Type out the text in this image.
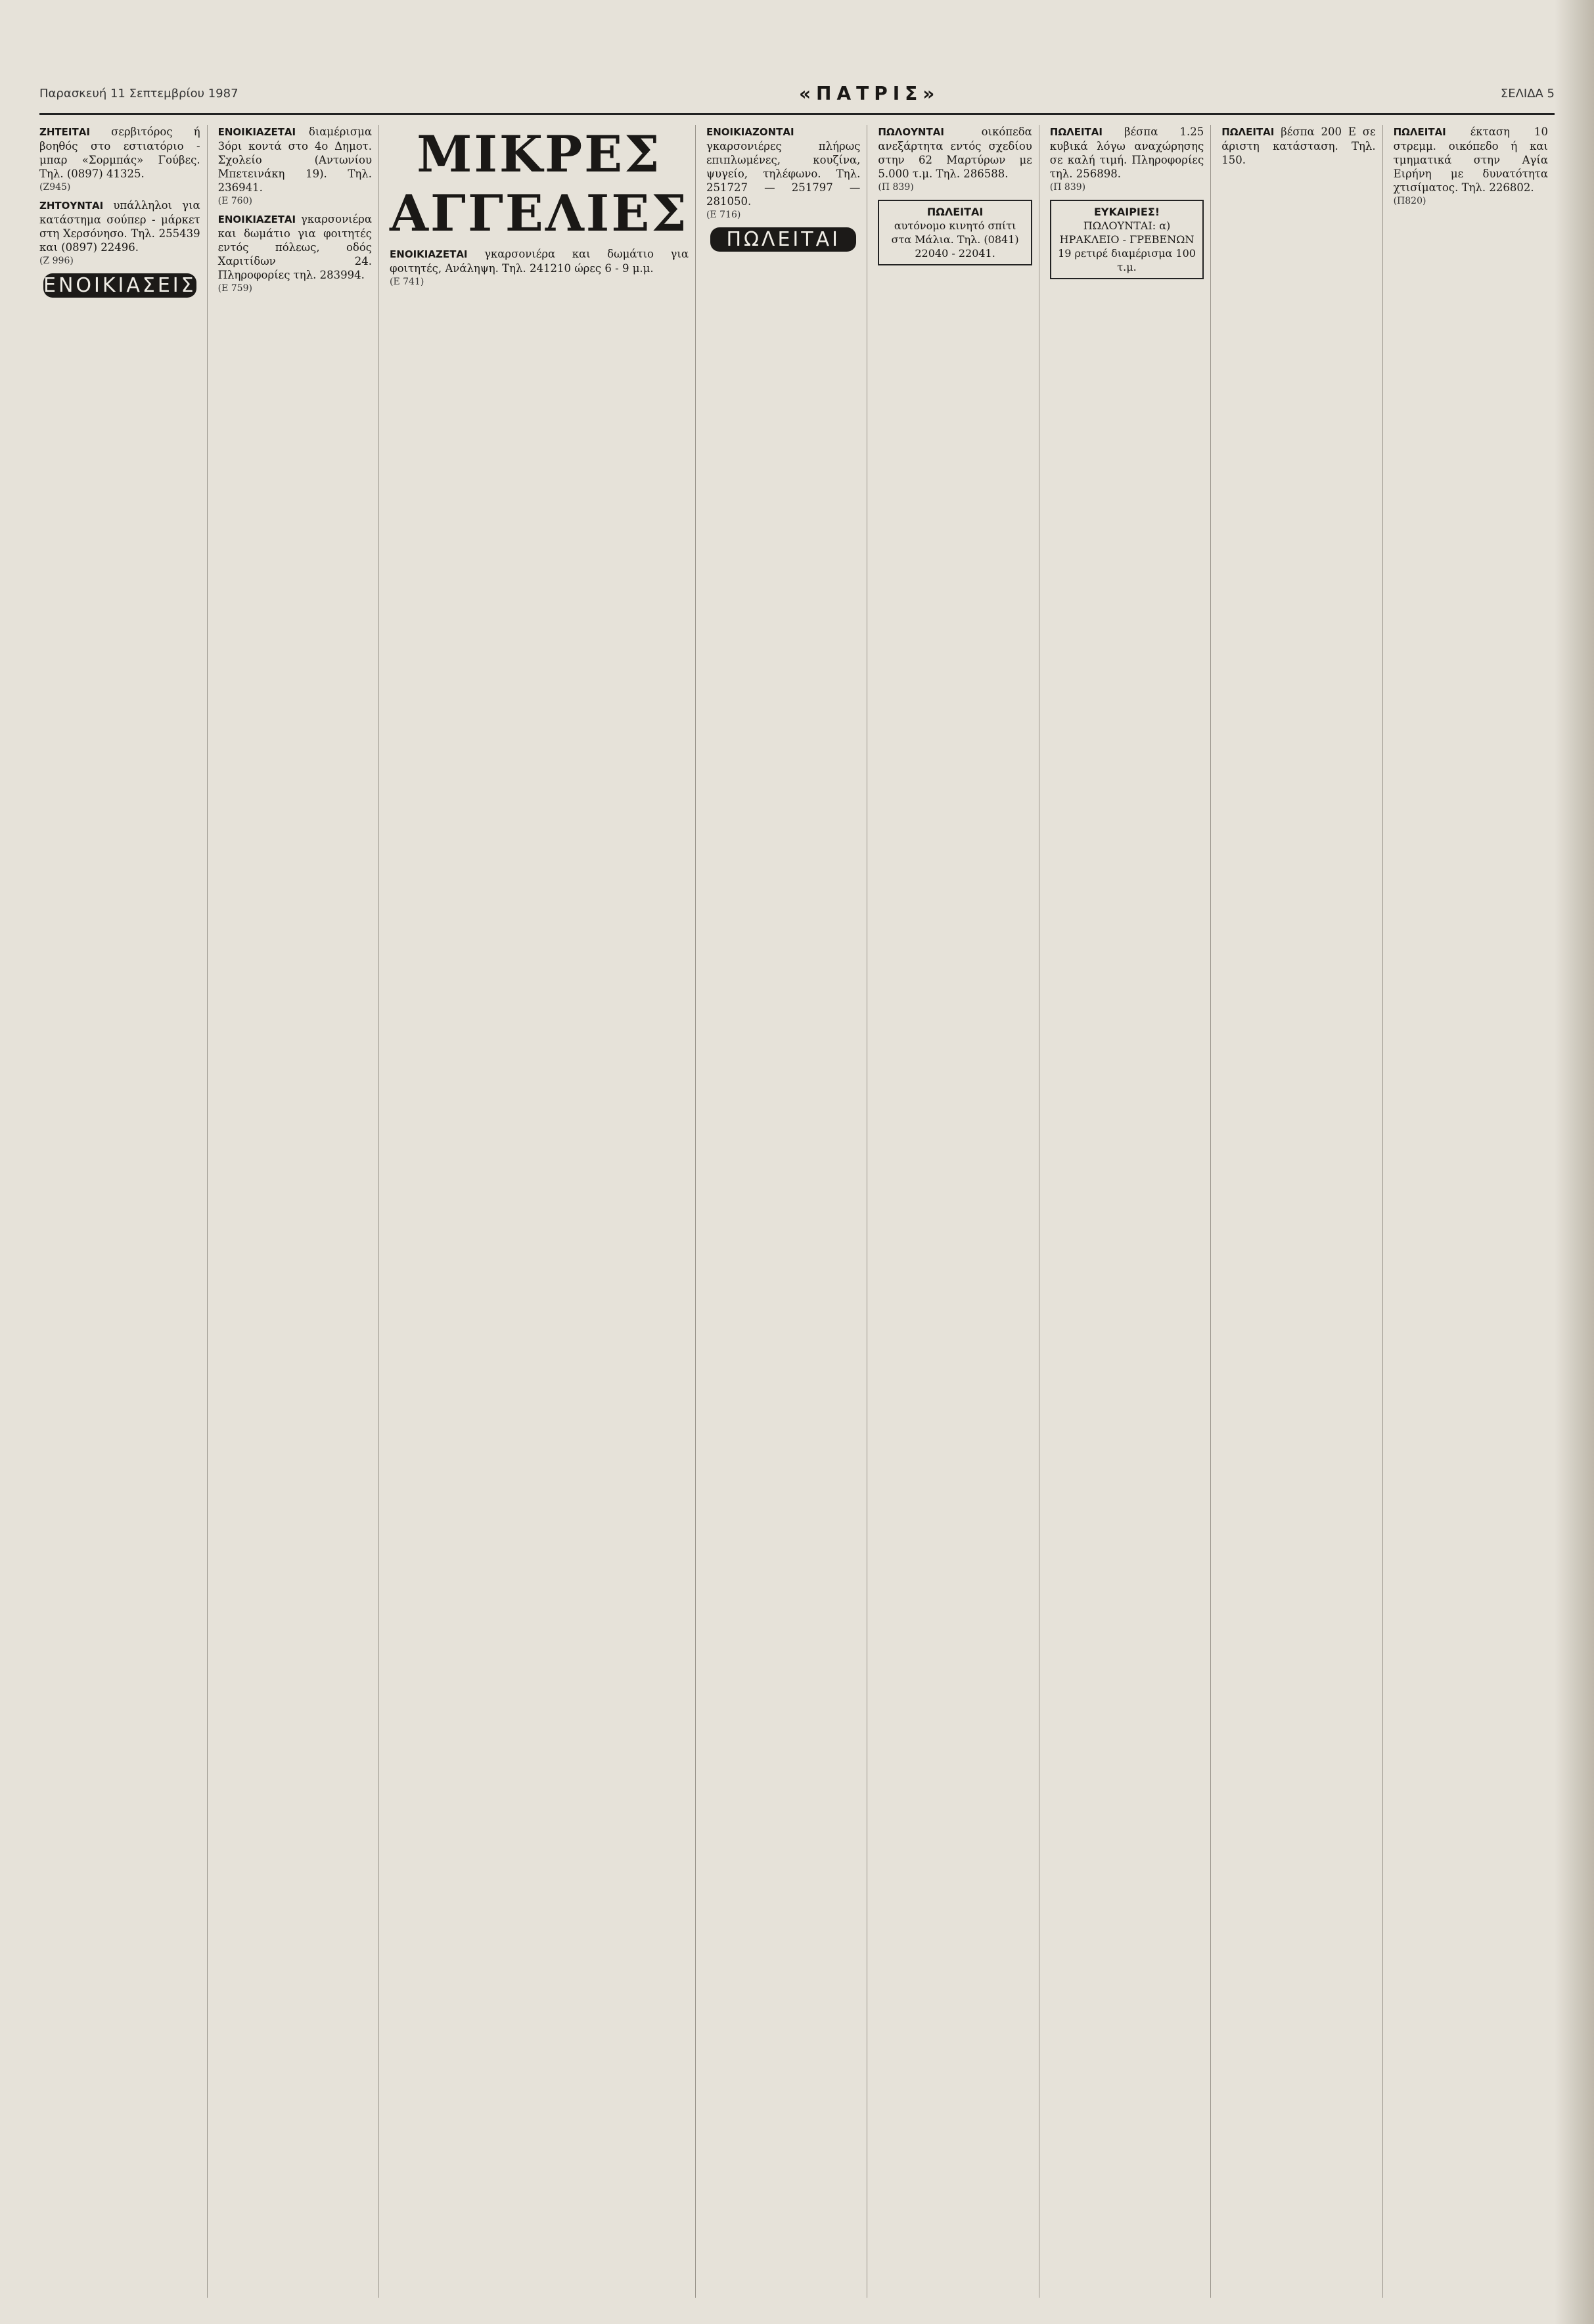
Παρασκευή 11 Σεπτεμβρίου 1987	«ΠΑΤΡΙΣ»	ΣΕΛΙΔΑ 5
ΖΗΤΕΙΤΑΙ σερβιτόρος ή βοηθός στο εστιατόριο - μπαρ «Σορμπάς» Γούβες. Τηλ. (0897) 41325.
(Ζ945)
ΖΗΤΟΥΝΤΑΙ υπάλληλοι για κατάστημα σούπερ - μάρκετ στη Χερσόνησο. Τηλ. 255439 και (0897) 22496.
(Ζ 996)
ΕΝΟΙΚΙΑΣΕΙΣ
ΕΝΟΙΚΙΑΖΕΤΑΙ διαμέρισμα 3όρι κοντά στο 4ο Δημοτ. Σχολείο (Αντωνίου Μπετεινάκη 19). Τηλ. 236941.
(Ε 760)
ΕΝΟΙΚΙΑΖΕΤΑΙ γκαρσονιέρα και δωμάτιο για φοιτητές εντός πόλεως, οδός Χαριτίδων 24. Πληροφορίες τηλ. 283994.
(Ε 759)
ΜΙΚΡΕΣ ΑΓΓΕΛΙΕΣ
ΕΝΟΙΚΙΑΖΕΤΑΙ γκαρσονιέρα και δωμάτιο για φοιτητές, Ανάληψη. Τηλ. 241210 ώρες 6 - 9 μ.μ.
(Ε 741)
ΕΝΟΙΚΙΑΖΟΝΤΑΙ γκαρσονιέρες πλήρως επιπλωμένες, κουζίνα, ψυγείο, τηλέφωνο. Τηλ. 251727 — 251797 — 281050.
(Ε 716)
ΠΩΛΕΙΤΑΙ
ΠΩΛΟΥΝΤΑΙ	οικόπεδα ανεξάρτητα εντός σχεδίου στην 62 Μαρτύρων με 5.000 τ.μ. Τηλ. 286588.
(Π 839)
ΠΩΛΕΙΤΑΙ
αυτόνομο κινητό σπίτι στα Μάλια. Τηλ. (0841) 22040 - 22041.
ΠΩΛΕΙΤΑΙ βέσπα 1.25 κυβικά λόγω αναχώρησης σε καλή τιμή. Πληροφορίες τηλ. 256898.
(Π 839)
ΕΥΚΑΙΡΙΕΣ!
ΠΩΛΟΥΝΤΑΙ: α) ΗΡΑΚΛΕΙΟ - ΓΡΕΒΕΝΩΝ 19 ρετιρέ διαμέρισμα 100 τ.μ.
ΠΩΛΕΙΤΑΙ βέσπα 200 Ε σε άριστη κατάσταση. Τηλ. 150.
ΠΩΛΕΙΤΑΙ έκταση 10 στρεμμ. οικόπεδο ή και τμηματικά στην Αγία Ειρήνη με δυνατότητα χτισίματος. Τηλ. 226802.
(Π820)
